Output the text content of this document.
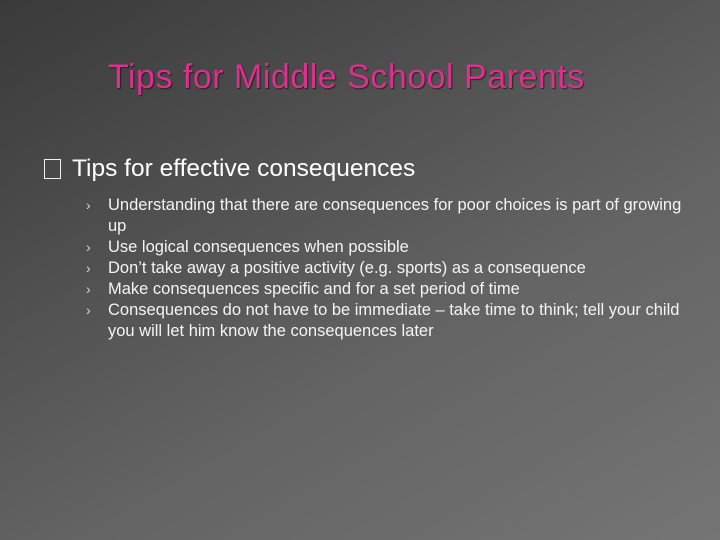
Tips for Middle School Parents
Tips for effective consequences
›	Understanding that there are consequences for poor choices is part of growing up
›	Use logical consequences when possible
›	Don’t take away a positive activity (e.g. sports) as a consequence
›	Make consequences specific and for a set period of time
›	Consequences do not have to be immediate – take time to think; tell your child you will let him know the consequences later
